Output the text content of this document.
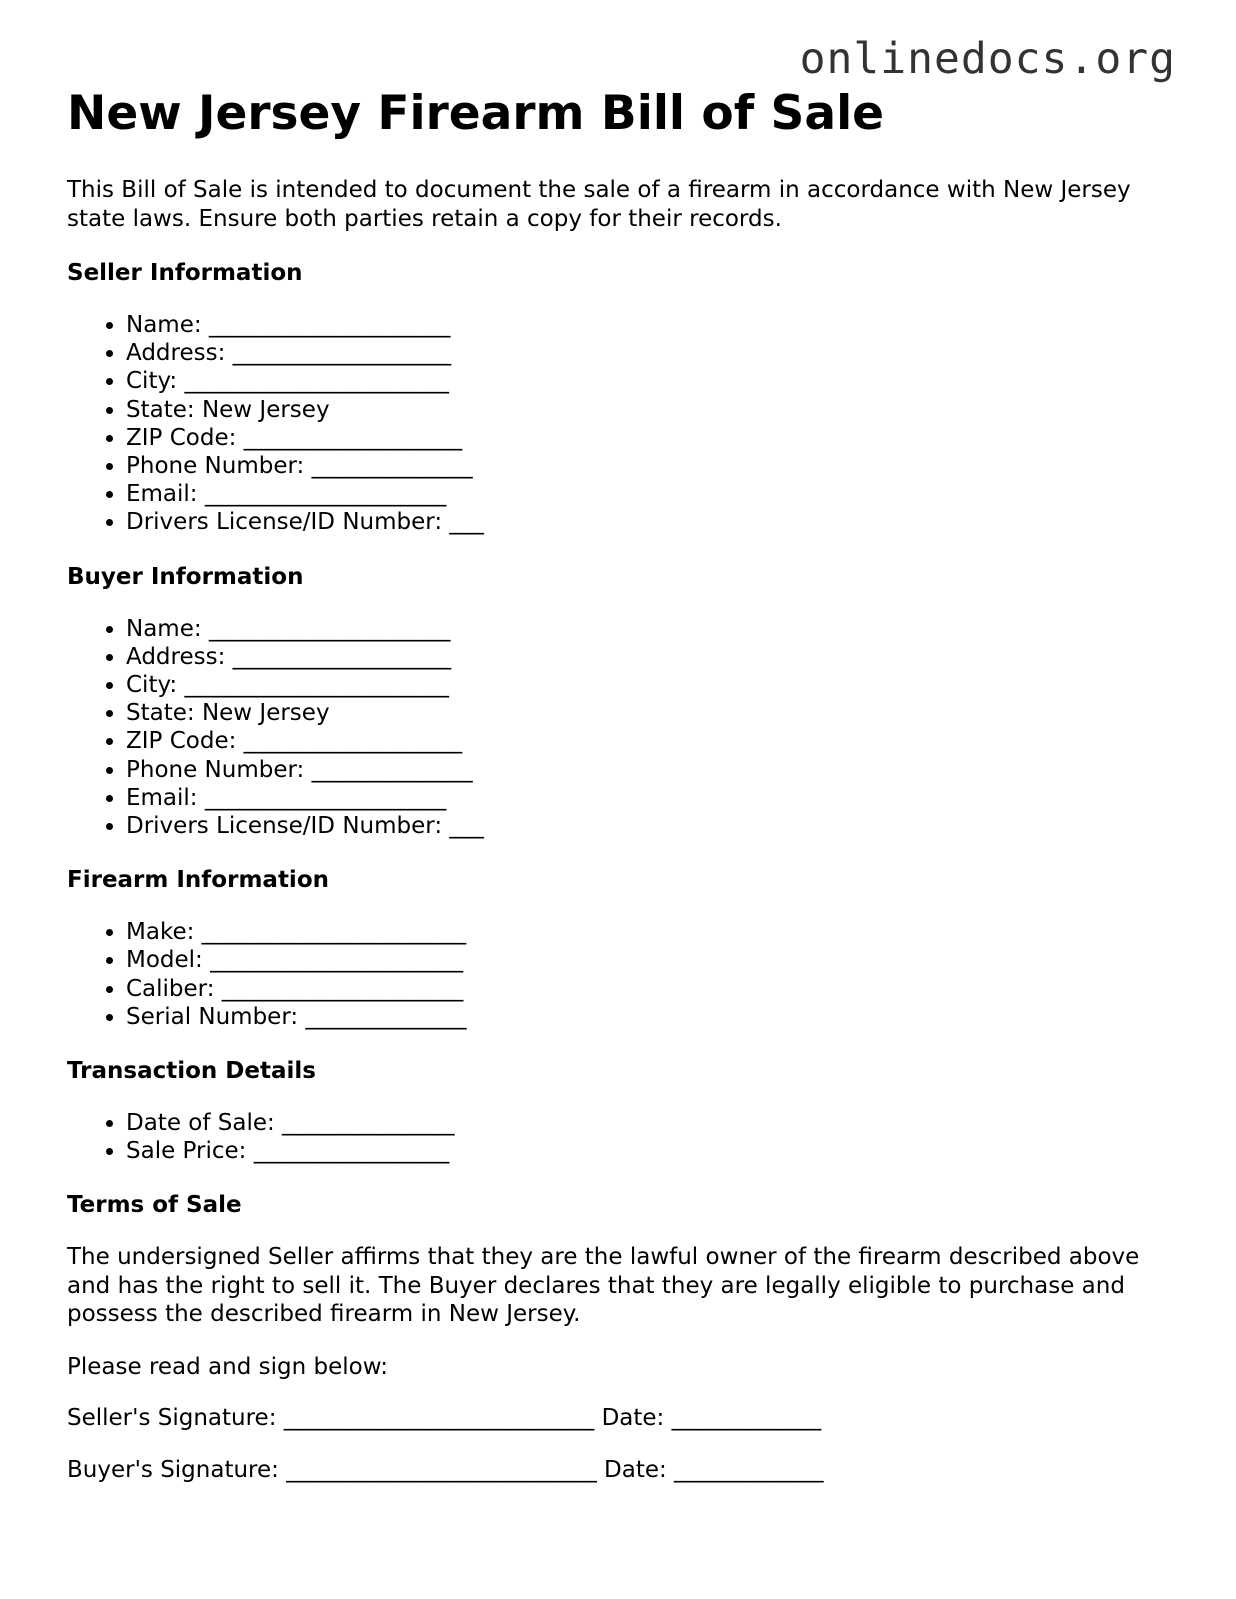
onlinedocs.org
New Jersey Firearm Bill of Sale

This Bill of Sale is intended to document the sale of a firearm in accordance with New Jersey state laws. Ensure both parties retain a copy for their records.

Seller Information
• Name: _____________________
• Address: ___________________
• City: _______________________
• State: New Jersey
• ZIP Code: ___________________
• Phone Number: ______________
• Email: _____________________
• Drivers License/ID Number: ___
Buyer Information
• Name: _____________________
• Address: ___________________
• City: _______________________
• State: New Jersey
• ZIP Code: ___________________
• Phone Number: ______________
• Email: _____________________
• Drivers License/ID Number: ___
Firearm Information
• Make: _______________________
• Model: ______________________
• Caliber: _____________________
• Serial Number: ______________
Transaction Details
• Date of Sale: _______________
• Sale Price: _________________
Terms of Sale

The undersigned Seller affirms that they are the lawful owner of the firearm described above and has the right to sell it. The Buyer declares that they are legally eligible to purchase and possess the described firearm in New Jersey.

Please read and sign below:

Seller's Signature: ___________________________ Date: _____________

Buyer's Signature: ___________________________ Date: _____________
